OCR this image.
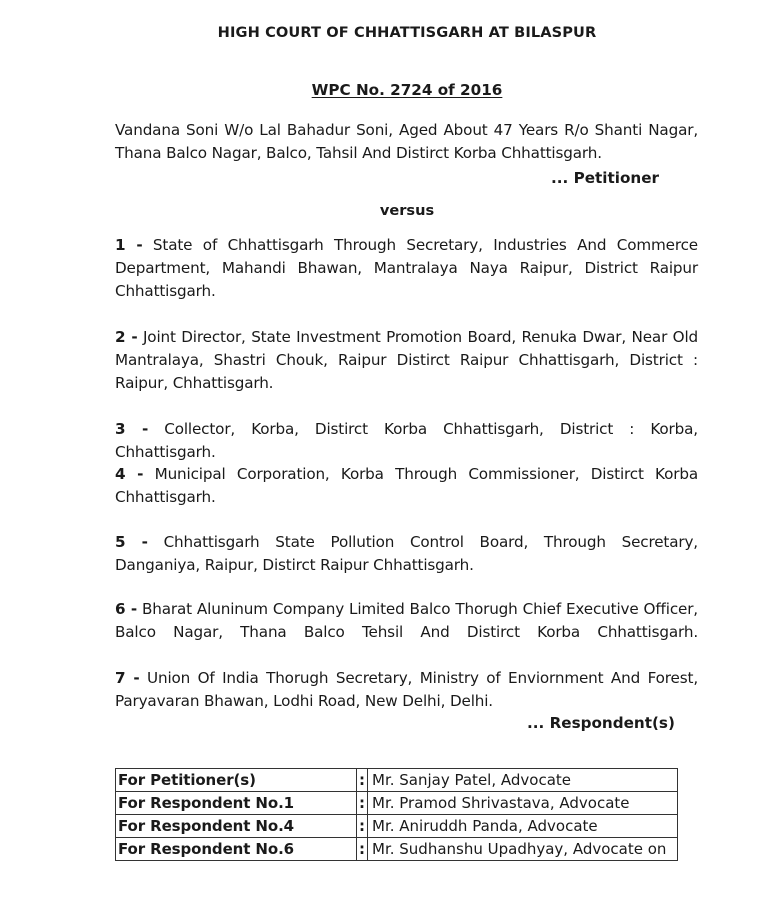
HIGH COURT OF CHHATTISGARH AT BILASPUR
WPC No. 2724 of 2016
Vandana Soni W/o Lal Bahadur Soni, Aged About 47 Years R/o Shanti Nagar, Thana Balco Nagar, Balco, Tahsil And Distirct Korba Chhattisgarh.
... Petitioner
versus
1 - State of Chhattisgarh Through Secretary, Industries And Commerce Department, Mahandi Bhawan, Mantralaya Naya Raipur, District Raipur Chhattisgarh.
2 - Joint Director, State Investment Promotion Board, Renuka Dwar, Near Old Mantralaya, Shastri Chouk, Raipur Distirct Raipur Chhattisgarh, District : Raipur, Chhattisgarh.
3 - Collector, Korba, Distirct Korba Chhattisgarh, District : Korba, Chhattisgarh.
4 - Municipal Corporation, Korba Through Commissioner, Distirct Korba Chhattisgarh.
5 - Chhattisgarh State Pollution Control Board, Through Secretary, Danganiya, Raipur, Distirct Raipur Chhattisgarh.
6 - Bharat Aluninum Company Limited Balco Thorugh Chief Executive Officer, Balco Nagar, Thana Balco Tehsil And Distirct Korba Chhattisgarh.
7 - Union Of India Thorugh Secretary, Ministry of Enviornment And Forest, Paryavaran Bhawan, Lodhi Road, New Delhi, Delhi.
... Respondent(s)
For Petitioner(s)	:	Mr. Sanjay Patel, Advocate
For Respondent No.1	:	Mr. Pramod Shrivastava, Advocate
For Respondent No.4	:	Mr. Aniruddh Panda, Advocate
For Respondent No.6	:	Mr. Sudhanshu Upadhyay, Advocate on
